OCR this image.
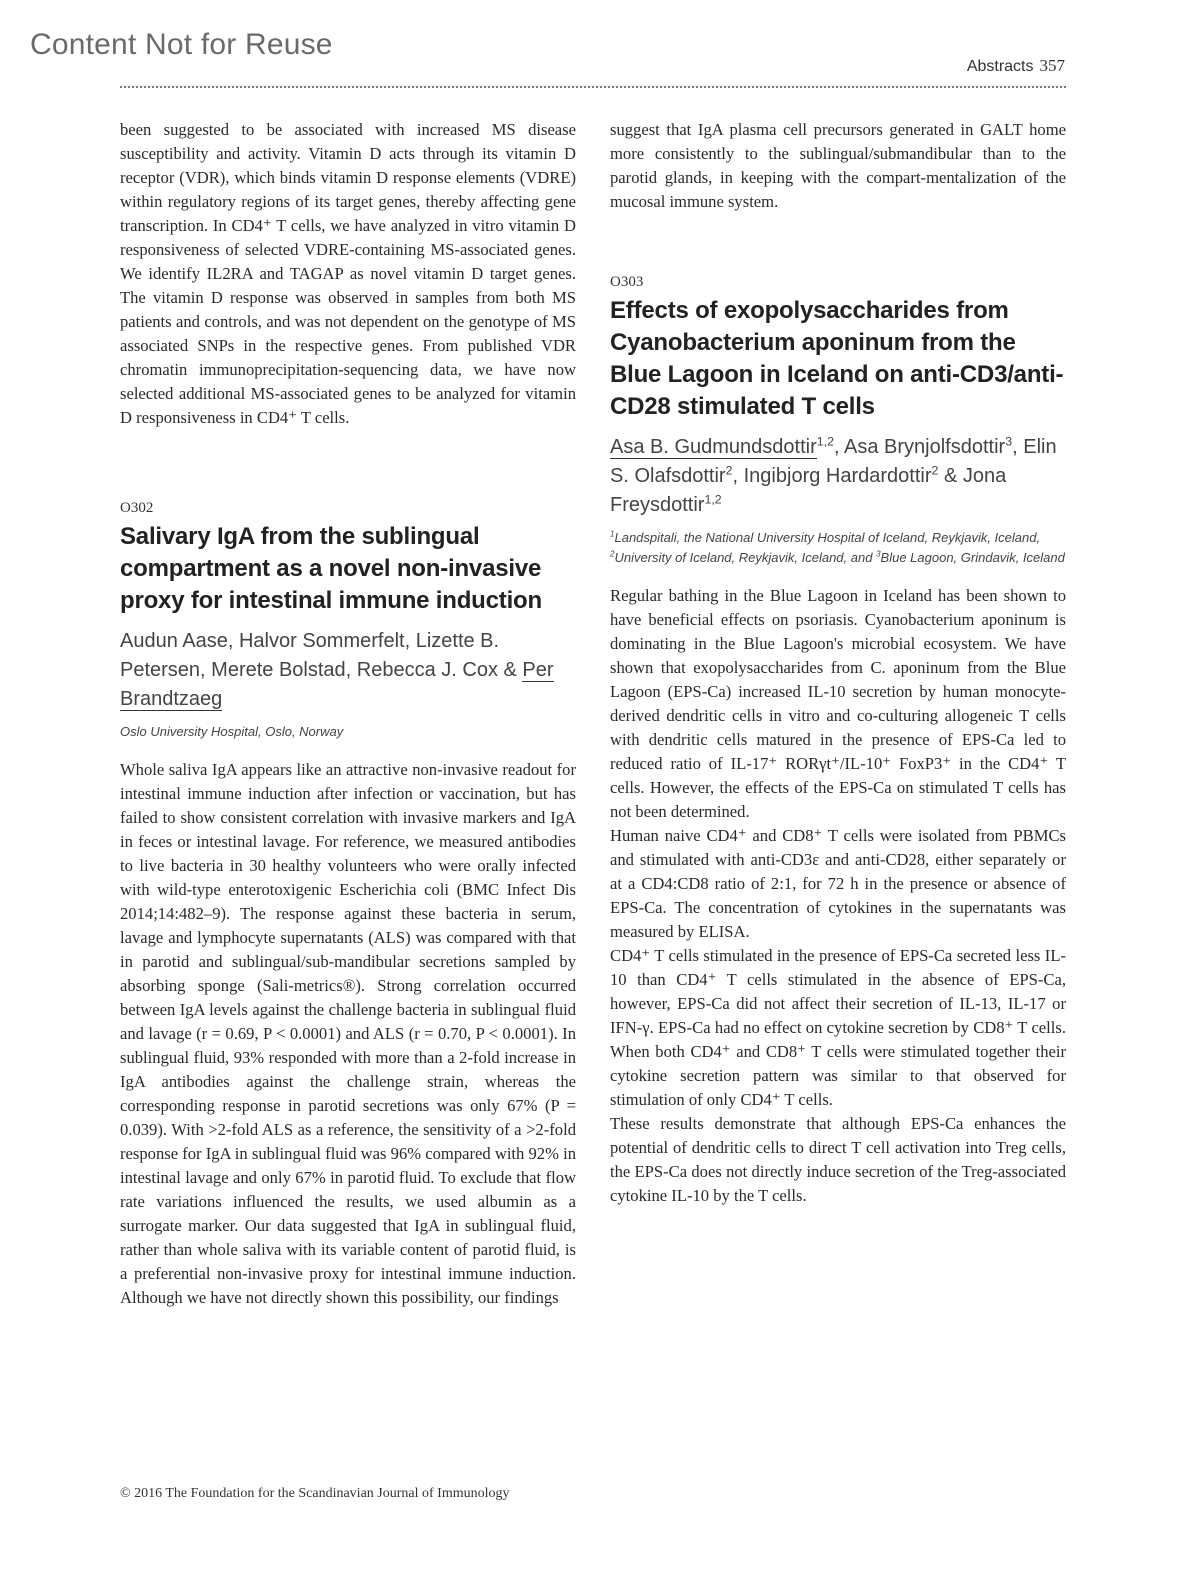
Content Not for Reuse
Abstracts 357

been suggested to be associated with increased MS disease susceptibility and activity. Vitamin D acts through its vitamin D receptor (VDR), which binds vitamin D response elements (VDRE) within regulatory regions of its target genes, thereby affecting gene transcription. In CD4⁺ T cells, we have analyzed in vitro vitamin D responsiveness of selected VDRE-containing MS-associated genes. We identify IL2RA and TAGAP as novel vitamin D target genes. The vitamin D response was observed in samples from both MS patients and controls, and was not dependent on the genotype of MS associated SNPs in the respective genes. From published VDR chromatin immunoprecipitation-sequencing data, we have now selected additional MS-associated genes to be analyzed for vitamin D responsiveness in CD4⁺ T cells.

O302

Salivary IgA from the sublingual compartment as a novel non-invasive proxy for intestinal immune induction

Audun Aase, Halvor Sommerfelt, Lizette B. Petersen, Merete Bolstad, Rebecca J. Cox & Per Brandtzaeg

Oslo University Hospital, Oslo, Norway

Whole saliva IgA appears like an attractive non-invasive readout for intestinal immune induction after infection or vaccination, but has failed to show consistent correlation with invasive markers and IgA in feces or intestinal lavage. For reference, we measured antibodies to live bacteria in 30 healthy volunteers who were orally infected with wild-type enterotoxigenic Escherichia coli (BMC Infect Dis 2014;14:482–9). The response against these bacteria in serum, lavage and lymphocyte supernatants (ALS) was compared with that in parotid and sublingual/sub-mandibular secretions sampled by absorbing sponge (Sali-metrics®). Strong correlation occurred between IgA levels against the challenge bacteria in sublingual fluid and lavage (r = 0.69, P < 0.0001) and ALS (r = 0.70, P < 0.0001). In sublingual fluid, 93% responded with more than a 2-fold increase in IgA antibodies against the challenge strain, whereas the corresponding response in parotid secretions was only 67% (P = 0.039). With >2-fold ALS as a reference, the sensitivity of a >2-fold response for IgA in sublingual fluid was 96% compared with 92% in intestinal lavage and only 67% in parotid fluid. To exclude that flow rate variations influenced the results, we used albumin as a surrogate marker. Our data suggested that IgA in sublingual fluid, rather than whole saliva with its variable content of parotid fluid, is a preferential non-invasive proxy for intestinal immune induction. Although we have not directly shown this possibility, our findings

suggest that IgA plasma cell precursors generated in GALT home more consistently to the sublingual/submandibular than to the parotid glands, in keeping with the compart-mentalization of the mucosal immune system.

O303

Effects of exopolysaccharides from Cyanobacterium aponinum from the Blue Lagoon in Iceland on anti-CD3/anti-CD28 stimulated T cells

Asa B. Gudmundsdottir$^{1,2}$, Asa Brynjolfsdottir$^3$, Elin S. Olafsdottir$^2$, Ingibjorg Hardardottir$^2$ & Jona Freysdottir$^{1,2}$

$^1$Landspitali, the National University Hospital of Iceland, Reykjavik, Iceland, $^2$University of Iceland, Reykjavik, Iceland, and $^3$Blue Lagoon, Grindavik, Iceland

Regular bathing in the Blue Lagoon in Iceland has been shown to have beneficial effects on psoriasis. Cyanobacterium aponinum is dominating in the Blue Lagoon's microbial ecosystem. We have shown that exopolysaccharides from C. aponinum from the Blue Lagoon (EPS-Ca) increased IL-10 secretion by human monocyte-derived dendritic cells in vitro and co-culturing allogeneic T cells with dendritic cells matured in the presence of EPS-Ca led to reduced ratio of IL-17⁺ RORγt⁺/IL-10⁺ FoxP3⁺ in the CD4⁺ T cells. However, the effects of the EPS-Ca on stimulated T cells has not been determined.

Human naive CD4⁺ and CD8⁺ T cells were isolated from PBMCs and stimulated with anti-CD3ε and anti-CD28, either separately or at a CD4:CD8 ratio of 2:1, for 72 h in the presence or absence of EPS-Ca. The concentration of cytokines in the supernatants was measured by ELISA.

CD4⁺ T cells stimulated in the presence of EPS-Ca secreted less IL-10 than CD4⁺ T cells stimulated in the absence of EPS-Ca, however, EPS-Ca did not affect their secretion of IL-13, IL-17 or IFN-γ. EPS-Ca had no effect on cytokine secretion by CD8⁺ T cells. When both CD4⁺ and CD8⁺ T cells were stimulated together their cytokine secretion pattern was similar to that observed for stimulation of only CD4⁺ T cells.

These results demonstrate that although EPS-Ca enhances the potential of dendritic cells to direct T cell activation into Treg cells, the EPS-Ca does not directly induce secretion of the Treg-associated cytokine IL-10 by the T cells.

© 2016 The Foundation for the Scandinavian Journal of Immunology
